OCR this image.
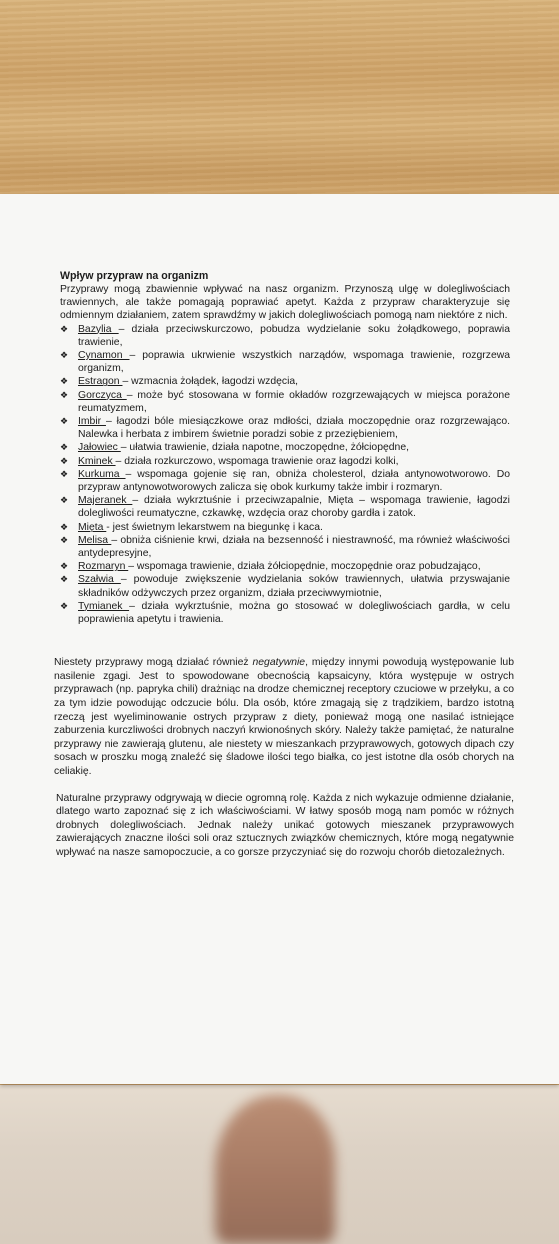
Wpływ przypraw na organizm

Przyprawy mogą zbawiennie wpływać na nasz organizm. Przynoszą ulgę w dolegliwościach trawiennych, ale także pomagają poprawiać apetyt. Każda z przypraw charakteryzuje się odmiennym działaniem, zatem sprawdźmy w jakich dolegliwościach pomogą nam niektóre z nich.

❖ Bazylia – działa przeciwskurczowo, pobudza wydzielanie soku żołądkowego, poprawia trawienie,
❖ Cynamon – poprawia ukrwienie wszystkich narządów, wspomaga trawienie, rozgrzewa organizm,
❖ Estragon – wzmacnia żołądek, łagodzi wzdęcia,
❖ Gorczyca – może być stosowana w formie okładów rozgrzewających w miejsca porażone reumatyzmem,
❖ Imbir – łagodzi bóle miesiączkowe oraz mdłości, działa moczopędnie oraz rozgrzewająco. Nalewka i herbata z imbirem świetnie poradzi sobie z przeziębieniem,
❖ Jałowiec – ułatwia trawienie, działa napotne, moczopędne, żółciopędne,
❖ Kminek – działa rozkurczowo, wspomaga trawienie oraz łagodzi kolki,
❖ Kurkuma – wspomaga gojenie się ran, obniża cholesterol, działa antynowotworowo. Do przypraw antynowotworowych zalicza się obok kurkumy także imbir i rozmaryn.
❖ Majeranek – działa wykrztuśnie i przeciwzapalnie, Mięta – wspomaga trawienie, łagodzi dolegliwości reumatyczne, czkawkę, wzdęcia oraz choroby gardła i zatok.
❖ Mięta - jest świetnym lekarstwem na biegunkę i kaca.
❖ Melisa – obniża ciśnienie krwi, działa na bezsenność i niestrawność, ma również właściwości antydepresyjne,
❖ Rozmaryn – wspomaga trawienie, działa żółciopędnie, moczopędnie oraz pobudzająco,
❖ Szałwia – powoduje zwiększenie wydzielania soków trawiennych, ułatwia przyswajanie składników odżywczych przez organizm, działa przeciwwymiotnie,
❖ Tymianek – działa wykrztuśnie, można go stosować w dolegliwościach gardła, w celu poprawienia apetytu i trawienia.

Niestety przyprawy mogą działać również negatywnie, między innymi powodują występowanie lub nasilenie zgagi. Jest to spowodowane obecnością kapsaicyny, która występuje w ostrych przyprawach (np. papryka chili) drażniąc na drodze chemicznej receptory czuciowe w przełyku, a co za tym idzie powodując odczucie bólu. Dla osób, które zmagają się z trądzikiem, bardzo istotną rzeczą jest wyeliminowanie ostrych przypraw z diety, ponieważ mogą one nasilać istniejące zaburzenia kurczliwości drobnych naczyń krwionośnych skóry. Należy także pamiętać, że naturalne przyprawy nie zawierają glutenu, ale niestety w mieszankach przyprawowych, gotowych dipach czy sosach w proszku mogą znaleźć się śladowe ilości tego białka, co jest istotne dla osób chorych na celiakię.

Naturalne przyprawy odgrywają w diecie ogromną rolę. Każda z nich wykazuje odmienne działanie, dlatego warto zapoznać się z ich właściwościami. W łatwy sposób mogą nam pomóc w różnych drobnych dolegliwościach. Jednak należy unikać gotowych mieszanek przyprawowych zawierających znaczne ilości soli oraz sztucznych związków chemicznych, które mogą negatywnie wpływać na nasze samopoczucie, a co gorsze przyczyniać się do rozwoju chorób dietozależnych.
